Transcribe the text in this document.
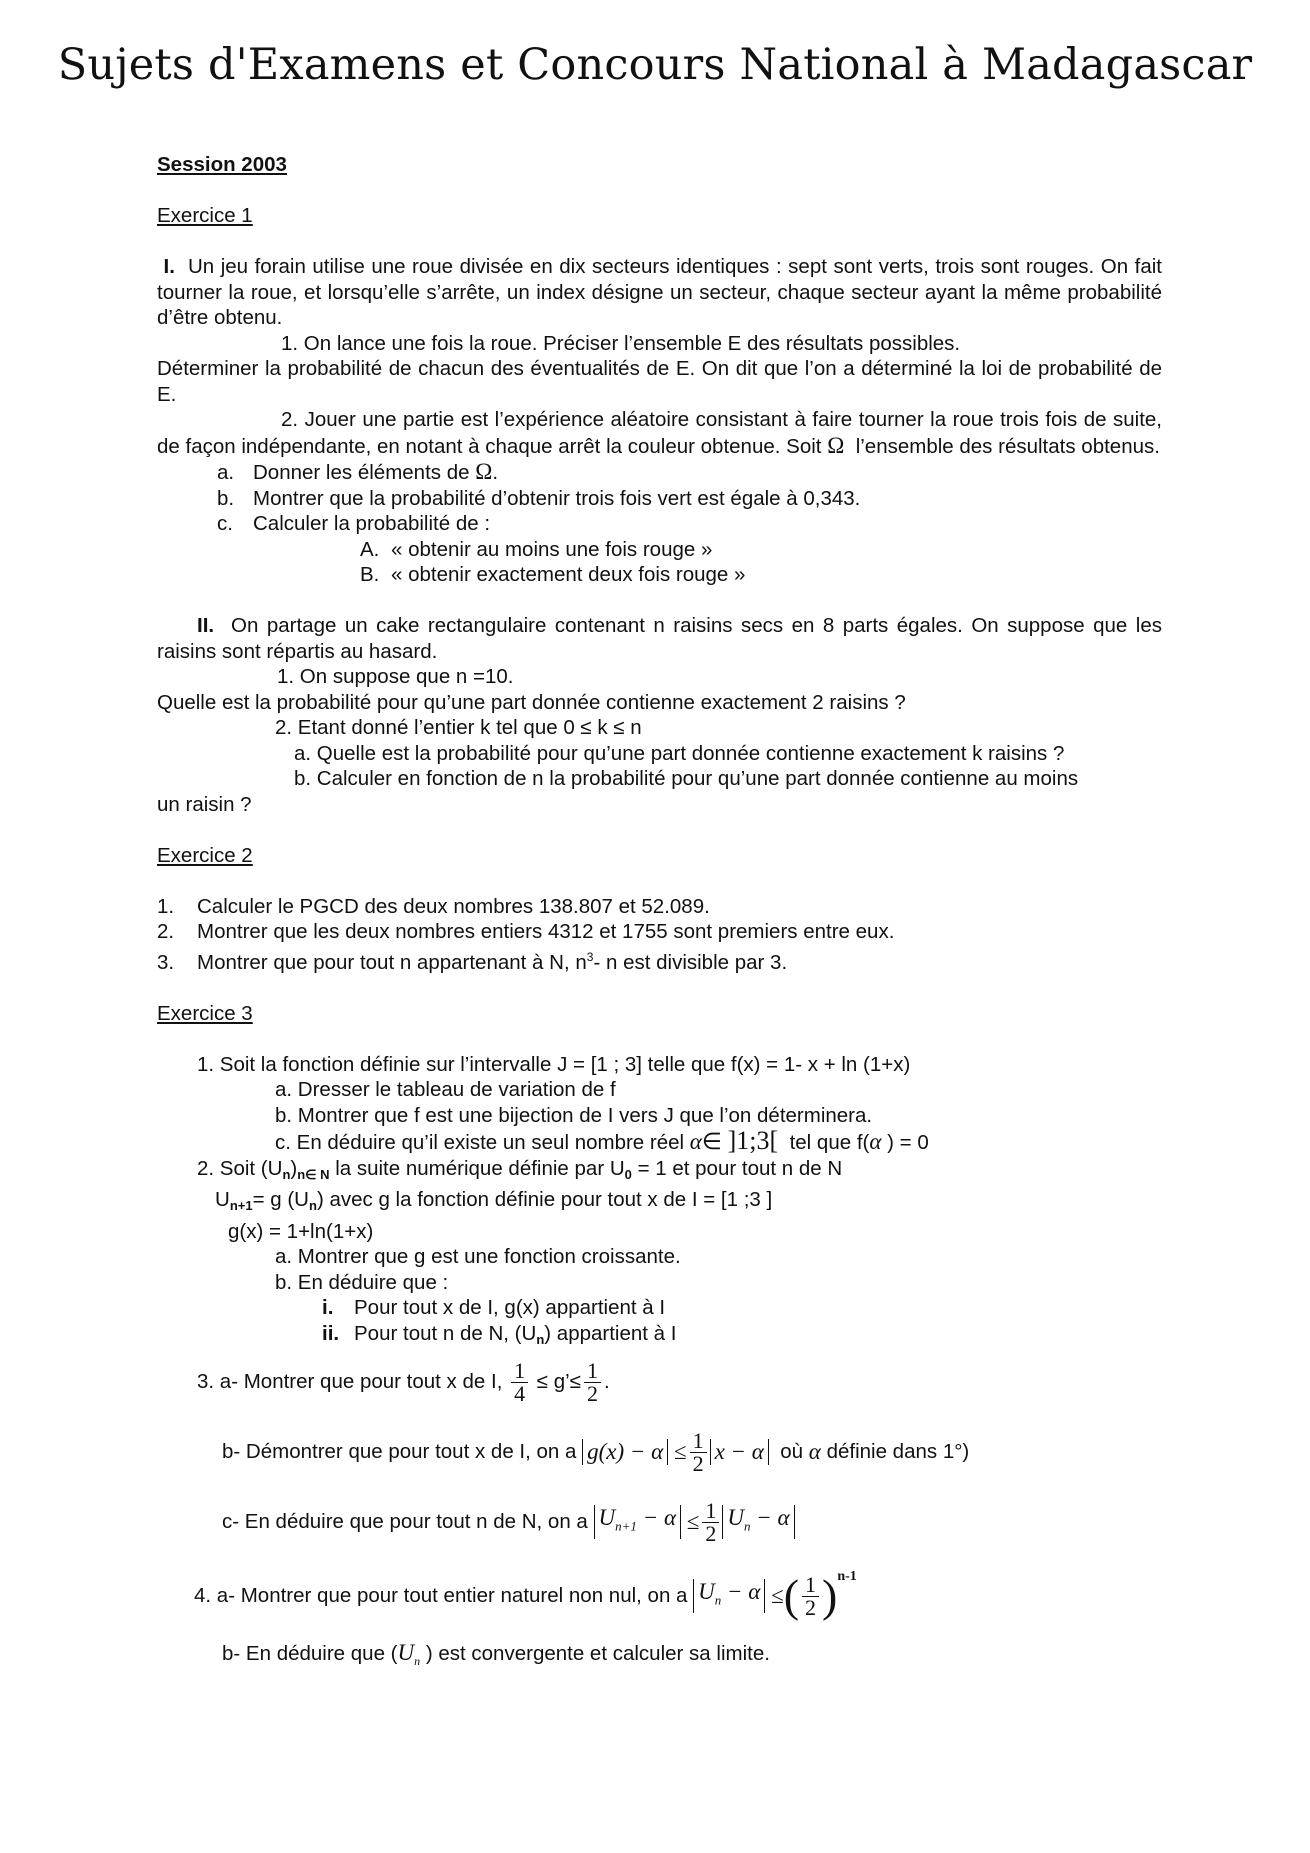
Sujets d'Examens et Concours National à Madagascar

Session 2003

Exercice 1

I. Un jeu forain utilise une roue divisée en dix secteurs identiques : sept sont verts, trois sont rouges. On fait tourner la roue, et lorsqu’elle s’arrête, un index désigne un secteur, chaque secteur ayant la même probabilité d’être obtenu.

1. On lance une fois la roue. Préciser l’ensemble E des résultats possibles.

Déterminer la probabilité de chacun des éventualités de E. On dit que l’on a déterminé la loi de probabilité de E.

2. Jouer une partie est l’expérience aléatoire consistant à faire tourner la roue trois fois de suite, de façon indépendante, en notant à chaque arrêt la couleur obtenue. Soit Ω l’ensemble des résultats obtenus.

a. Donner les éléments de Ω.

b. Montrer que la probabilité d’obtenir trois fois vert est égale à 0,343.

c. Calculer la probabilité de :

A. « obtenir au moins une fois rouge »

B. « obtenir exactement deux fois rouge »

II. On partage un cake rectangulaire contenant n raisins secs en 8 parts égales. On suppose que les raisins sont répartis au hasard.

1. On suppose que n =10.

Quelle est la probabilité pour qu’une part donnée contienne exactement 2 raisins ?

2. Etant donné l’entier k tel que 0 ≤ k ≤ n

a. Quelle est la probabilité pour qu’une part donnée contienne exactement k raisins ?

b. Calculer en fonction de n la probabilité pour qu’une part donnée contienne au moins

un raisin ?

Exercice 2

1. Calculer le PGCD des deux nombres 138.807 et 52.089.

2. Montrer que les deux nombres entiers 4312 et 1755 sont premiers entre eux.

3. Montrer que pour tout n appartenant à N, $n^3-$ n est divisible par 3.

Exercice 3

1. Soit la fonction définie sur l’intervalle J = [1 ; 3] telle que f(x) = 1- x + ln (1+x)

a. Dresser le tableau de variation de f

b. Montrer que f est une bijection de I vers J que l’on déterminera.

c. En déduire qu’il existe un seul nombre réel α∈ ]1;3[ tel que f(α ) = 0

2. Soit $(U_n)_{n\in N}$ la suite numérique définie par $U_0 = 1$ et pour tout n de N

$U_{n+1}= g$ $(U_n)$ avec g la fonction définie pour tout x de I = [1 ;3 ]

g(x) = 1+ln(1+x)

a. Montrer que g est une fonction croissante.

b. En déduire que :

i. Pour tout x de I, g(x) appartient à I

ii. Pour tout n de N, $(U_n)$ appartient à I

3. a- Montrer que pour tout x de I,
$\frac{1}{4}$
≤ g’≤ $\frac{1}{2}$ .
b- Démontrer que pour tout x de I, on a
g(x) − α
≤ $\frac{1}{2}$ x − α
où
α
définie dans 1°)
c- En déduire que pour tout n de N, on a
$U_{n+1} - \alpha$
≤ $\frac{1}{2} U_n - \alpha$
4. a- Montrer que pour tout entier naturel non nul, on a
$U_n - \alpha$
≤ ( $\frac{1}{2}$ ) n-1

b- En déduire que ($U_n$ ) est convergente et calculer sa limite.
